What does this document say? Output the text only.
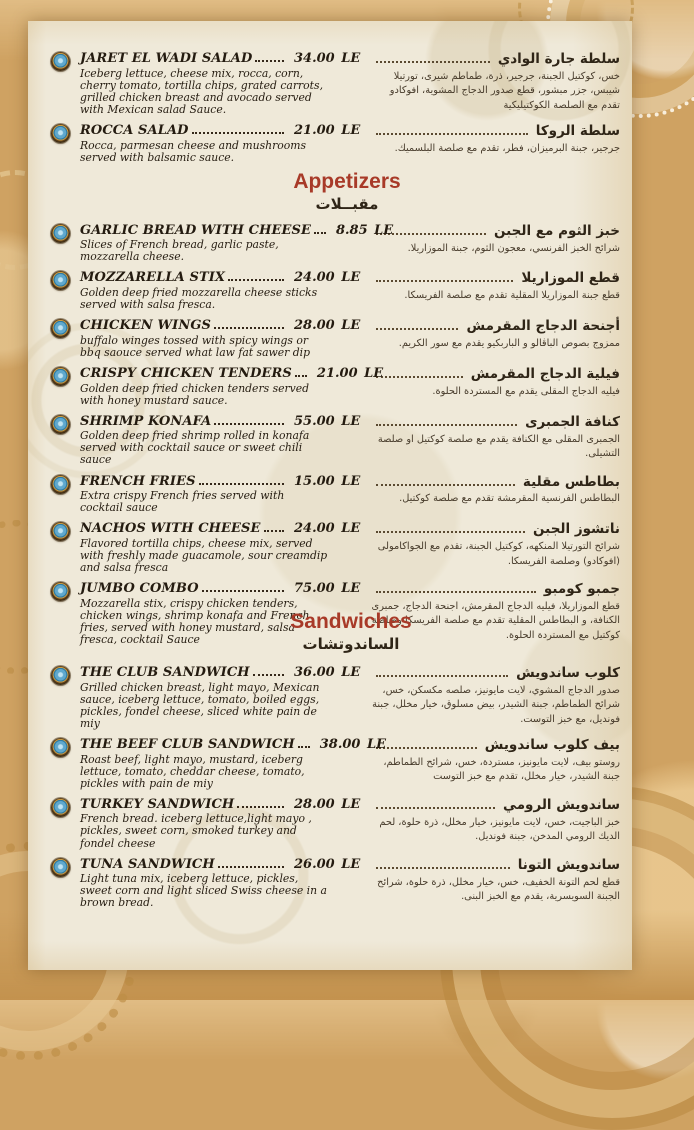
JARET EL WADI SALAD	34.00 LE
Iceberg lettuce, cheese mix, rocca, corn, cherry tomato, tortilla chips, grated carrots, grilled chicken breast and avocado served with Mexican salad Sauce.
سلطة جارة الوادي
خس، كوكتيل الجبنة، جرجير، ذرة، طماطم شيرى، تورتيلا شيبس، جزر مبشور، قطع صدور الدجاج المشوية، افوكادو تقدم مع الصلصة الكوكتيليكية
ROCCA SALAD	21.00 LE
Rocca, parmesan cheese and mushrooms served with balsamic sauce.
سلطة الروكا
جرجير، جبنة البرميزان، فطر، تقدم مع صلصة البلسميك.
Appetizers
مقبــلات
GARLIC BREAD WITH CHEESE 8.85 LE
Slices of French bread, garlic paste, mozzarella cheese.
خبز الثوم مع الجبن
شرائح الخبز الفرنسي، معجون الثوم، جبنة الموزاريلا.
MOZZARELLA STIX	24.00 LE
Golden deep fried mozzarella cheese sticks served with salsa fresca.
قطع الموزاريلا
قطع جبنة الموزاريلا المقلية تقدم مع صلصة الفريسكا.
CHICKEN WINGS	28.00 LE
buffalo winges tossed with spicy wings or bbq saouce served what law fat sawer dip
أجنحة الدجاج المقرمش
ممزوج بصوص الباڤالو و الباربكيو يقدم مع سور الكريم.
CRISPY CHICKEN TENDERS 21.00 LE
Golden deep fried chicken tenders served with honey mustard sauce.
فيلية الدجاج المقرمش
فيليه الدجاج المقلى يقدم مع المستردة الحلوة.
SHRIMP KONAFA	55.00 LE
Golden deep fried shrimp rolled in konafa served with cocktail sauce or sweet chili sauce
كنافة الجمبرى
الجمبرى المقلى مع الكنافة يقدم مع صلصة كوكتيل او صلصة التشيلى.
FRENCH FRIES	15.00 LE
Extra crispy French fries served with cocktail sauce
بطاطس مقلية
البطاطس الفرنسية المقرمشة تقدم مع صلصة كوكتيل.
NACHOS WITH CHEESE	24.00 LE
Flavored tortilla chips, cheese mix, served with freshly made guacamole, sour creamdip and salsa fresca
ناتشوز الجبن
شرائح التورتيلا المنكهه، كوكتيل الجبنة، تقدم مع الجواكامولى (افوكادو) وصلصة الفريسكا.
JUMBO COMBO	75.00 LE
Mozzarella stix, crispy chicken tenders, chicken wings, shrimp konafa and French fries, served with honey mustard, salsa fresca, cocktail Sauce
جمبو كومبو
قطع الموزاريلا، فيليه الدجاج المقرمش، اجنحة الدجاج، جمبرى الكنافة، و البطاطس المقلية تقدم مع صلصة الفريسكا وصلصة كوكتيل مع المستردة الحلوة.
Sandwiches
الساندوتشات
THE CLUB SANDWICH	36.00 LE
Grilled chicken breast, light mayo, Mexican sauce, iceberg lettuce, tomato, boiled eggs, pickles, fondel cheese, sliced white pain de miy
كلوب ساندويش
صدور الدجاج المشوي، لايت مايونيز، صلصه مكسكن، خس، شرائح الطماطم، جبنة الشيدر، بيض مسلوق، خيار مخلل، جبنة فونديل، مع خبز التوست.
THE BEEF CLUB SANDWICH 38.00 LE
Roast beef, light mayo, mustard, iceberg lettuce, tomato, cheddar cheese, tomato, pickles with pain de miy
بيف كلوب ساندويش
روستو بيف، لايت مايونيز، مستردة، خس، شرائح الطماطم، جبنة الشيدر، خيار مخلل، تقدم مع خبز التوست
TURKEY SANDWICH	28.00 LE
French bread. iceberg lettuce,light mayo , pickles, sweet corn, smoked turkey and fondel cheese
ساندويش الرومي
خبز الباجيت، خس، لايت مايونيز، خيار مخلل، ذرة حلوة، لحم الديك الرومي المدخن، جبنة فونديل.
TUNA SANDWICH	26.00 LE
Light tuna mix, iceberg lettuce, pickles, sweet corn and light sliced Swiss cheese in a brown bread.
ساندويش التونا
قطع لحم التونة الخفيف، خس، خيار مخلل، ذرة حلوة، شرائح الجبنة السويسرية، يقدم مع الخبز البنى.
